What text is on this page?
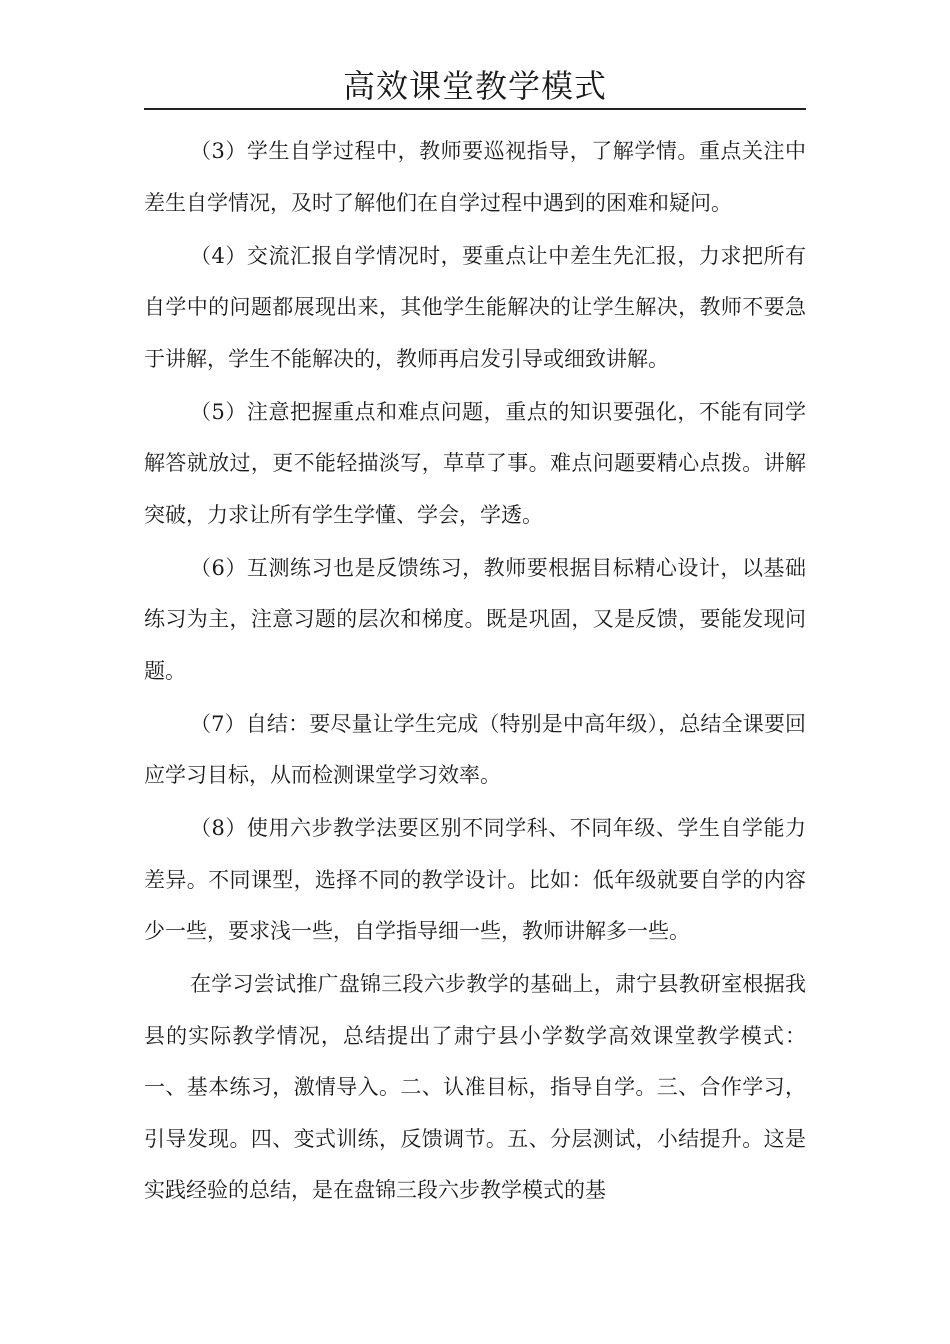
高效课堂教学模式

（3）学生自学过程中，教师要巡视指导，了解学情。重点关注中差生自学情况，及时了解他们在自学过程中遇到的困难和疑问。

（4）交流汇报自学情况时，要重点让中差生先汇报，力求把所有自学中的问题都展现出来，其他学生能解决的让学生解决，教师不要急于讲解，学生不能解决的，教师再启发引导或细致讲解。

（5）注意把握重点和难点问题，重点的知识要强化，不能有同学解答就放过，更不能轻描淡写，草草了事。难点问题要精心点拨。讲解突破，力求让所有学生学懂、学会，学透。

（6）互测练习也是反馈练习，教师要根据目标精心设计，以基础练习为主，注意习题的层次和梯度。既是巩固，又是反馈，要能发现问题。

（7）自结：要尽量让学生完成（特别是中高年级），总结全课要回应学习目标，从而检测课堂学习效率。

（8）使用六步教学法要区别不同学科、不同年级、学生自学能力差异。不同课型，选择不同的教学设计。比如：低年级就要自学的内容少一些，要求浅一些，自学指导细一些，教师讲解多一些。

在学习尝试推广盘锦三段六步教学的基础上，肃宁县教研室根据我县的实际教学情况，总结提出了肃宁县小学数学高效课堂教学模式：一、基本练习，激情导入。二、认准目标，指导自学。三、合作学习，引导发现。四、变式训练，反馈调节。五、分层测试，小结提升。这是实践经验的总结，是在盘锦三段六步教学模式的基
